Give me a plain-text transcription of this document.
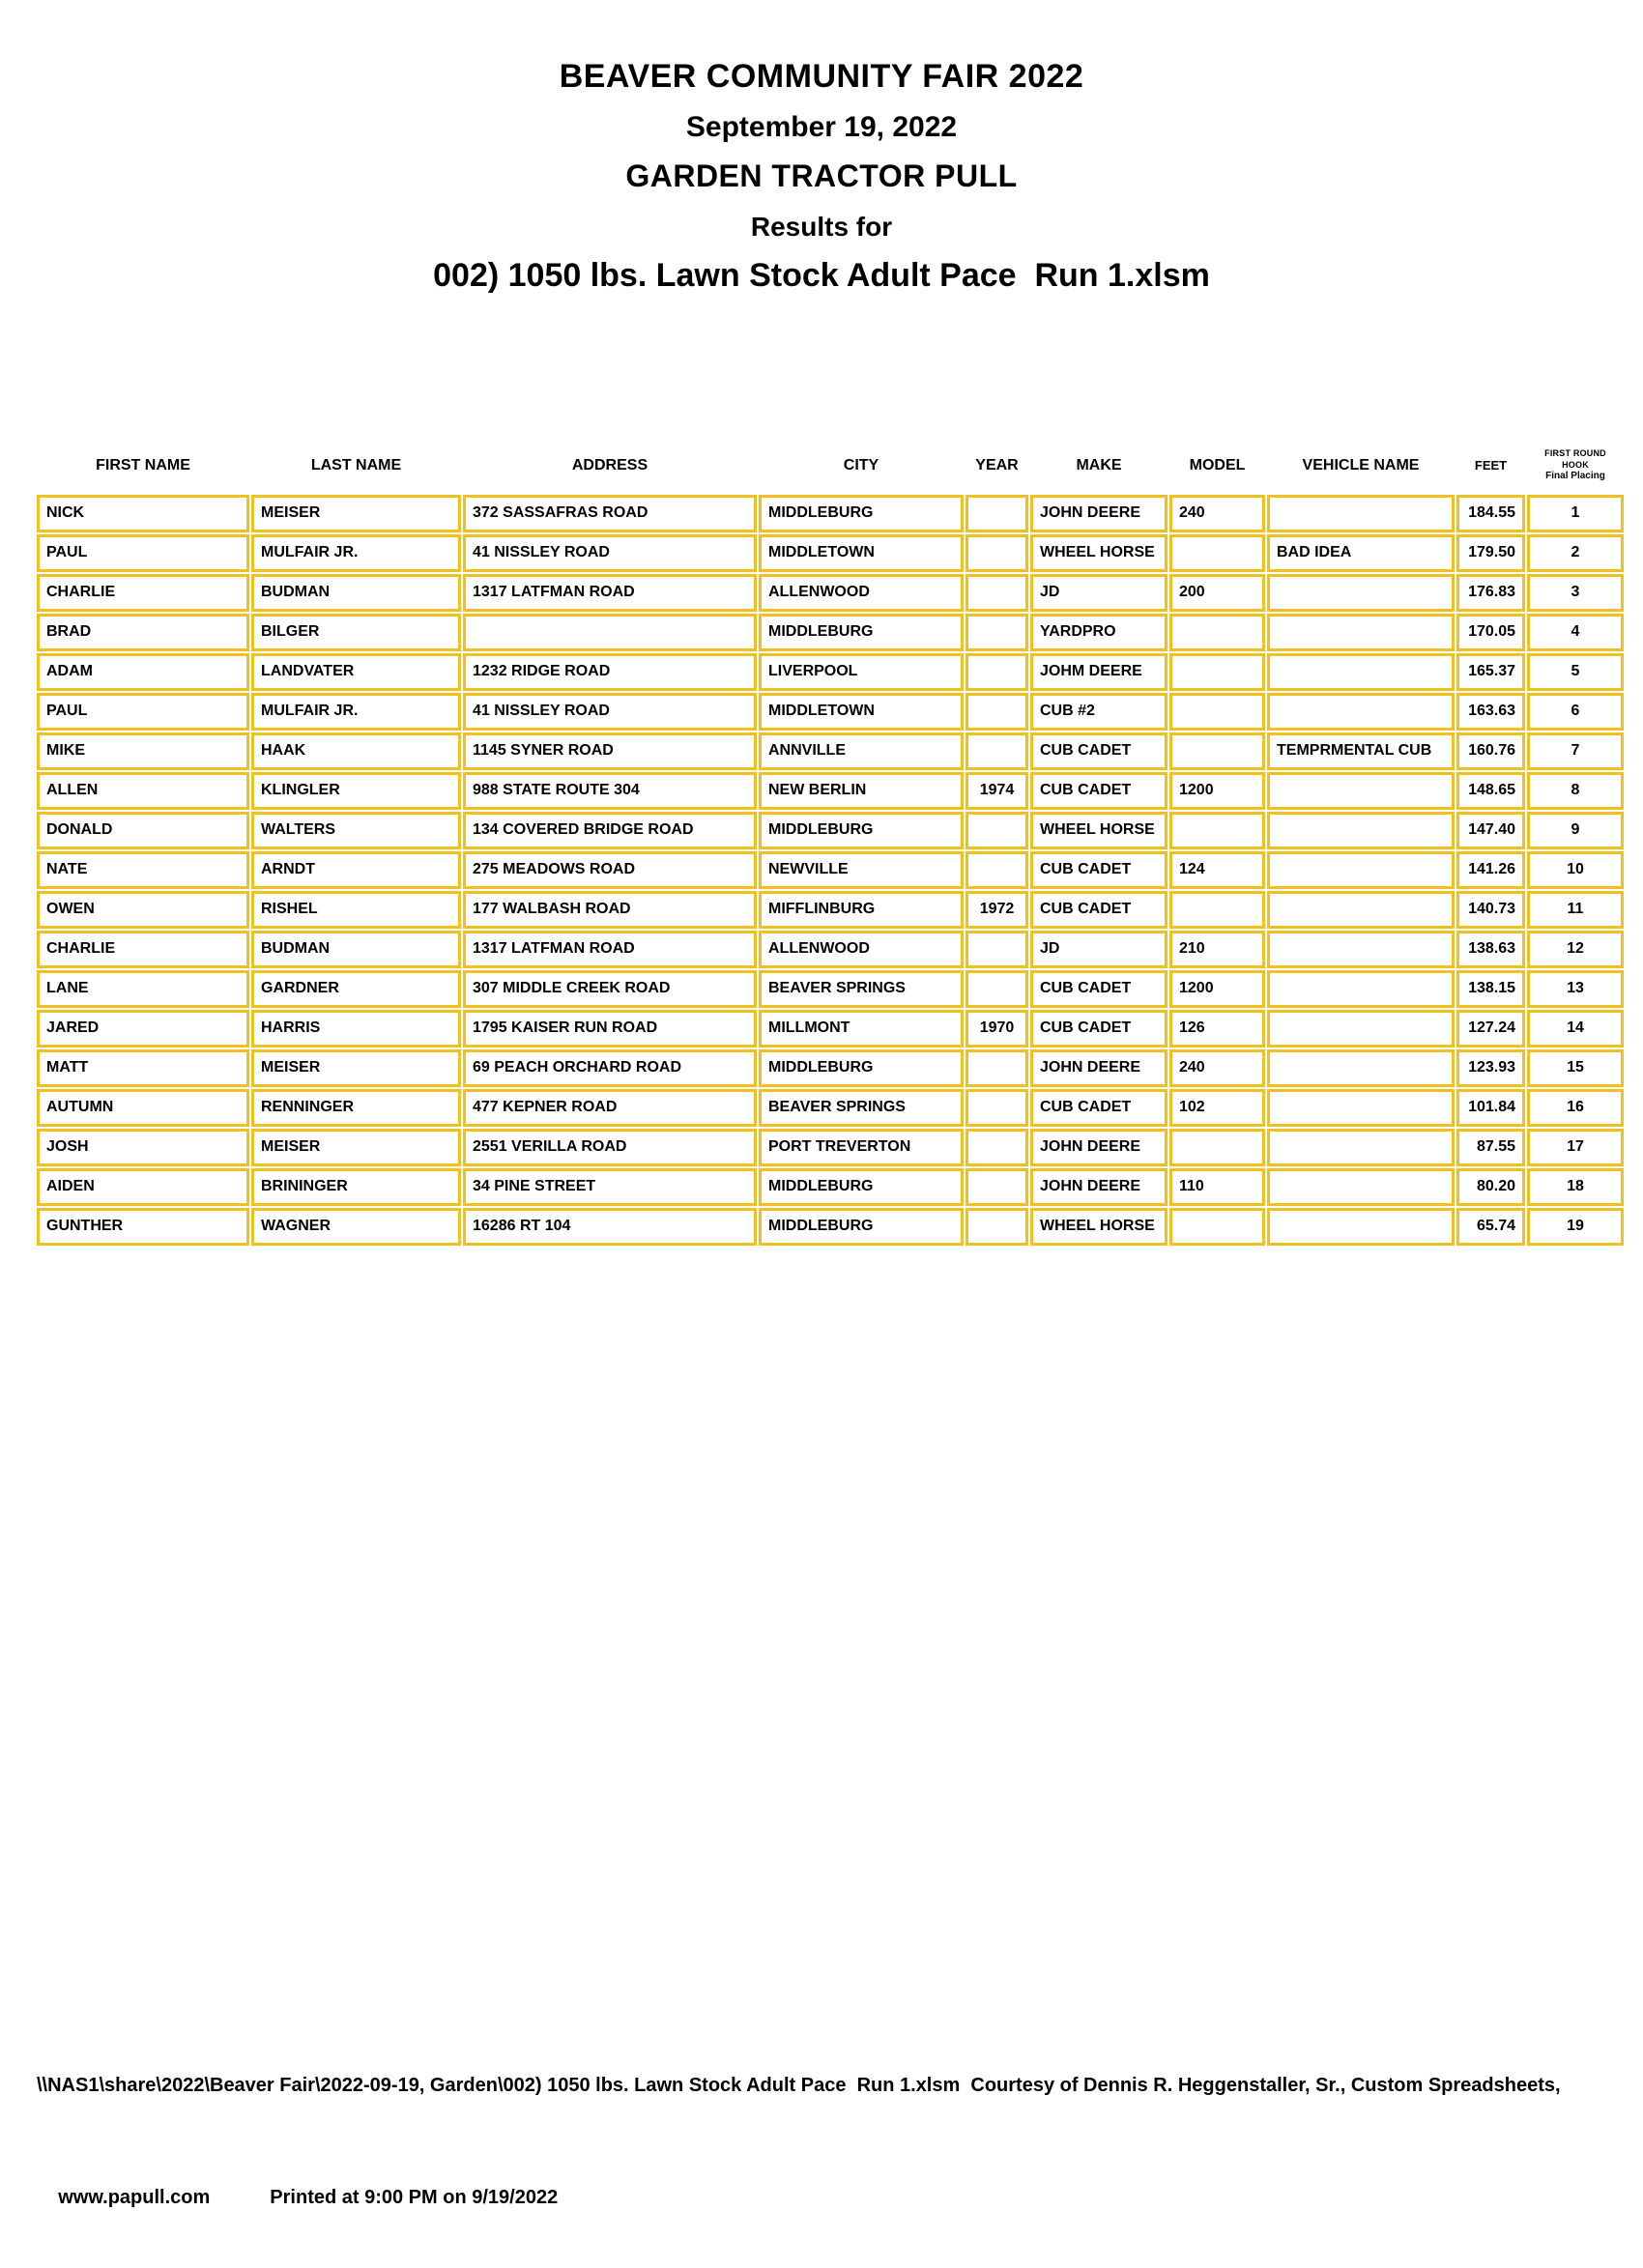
BEAVER COMMUNITY FAIR 2022
September 19, 2022
GARDEN TRACTOR PULL
Results for
002) 1050 lbs. Lawn Stock Adult Pace  Run 1.xlsm
FIRST NAME	LAST NAME	ADDRESS	CITY	YEAR	MAKE	MODEL	VEHICLE NAME	FEET	FIRST ROUND
HOOK
Final Placing

NICK	MEISER	372 SASSAFRAS ROAD	MIDDLEBURG		JOHN DEERE	240		184.55	1
PAUL	MULFAIR JR.	41 NISSLEY ROAD	MIDDLETOWN		WHEEL HORSE		BAD IDEA	179.50	2
CHARLIE	BUDMAN	1317 LATFMAN ROAD	ALLENWOOD		JD	200		176.83	3
BRAD	BILGER		MIDDLEBURG		YARDPRO			170.05	4
ADAM	LANDVATER	1232 RIDGE ROAD	LIVERPOOL		JOHM DEERE			165.37	5
PAUL	MULFAIR JR.	41 NISSLEY ROAD	MIDDLETOWN		CUB #2			163.63	6
MIKE	HAAK	1145 SYNER ROAD	ANNVILLE		CUB CADET		TEMPRMENTAL CUB	160.76	7
ALLEN	KLINGLER	988 STATE ROUTE 304	NEW BERLIN	1974	CUB CADET	1200		148.65	8
DONALD	WALTERS	134 COVERED BRIDGE ROAD	MIDDLEBURG		WHEEL HORSE			147.40	9
NATE	ARNDT	275 MEADOWS ROAD	NEWVILLE		CUB CADET	124		141.26	10
OWEN	RISHEL	177 WALBASH ROAD	MIFFLINBURG	1972	CUB CADET			140.73	11
CHARLIE	BUDMAN	1317 LATFMAN ROAD	ALLENWOOD		JD	210		138.63	12
LANE	GARDNER	307 MIDDLE CREEK ROAD	BEAVER SPRINGS		CUB CADET	1200		138.15	13
JARED	HARRIS	1795 KAISER RUN ROAD	MILLMONT	1970	CUB CADET	126		127.24	14
MATT	MEISER	69 PEACH ORCHARD ROAD	MIDDLEBURG		JOHN DEERE	240		123.93	15
AUTUMN	RENNINGER	477 KEPNER ROAD	BEAVER SPRINGS		CUB CADET	102		101.84	16
JOSH	MEISER	2551 VERILLA ROAD	PORT TREVERTON		JOHN DEERE			87.55	17
AIDEN	BRININGER	34 PINE STREET	MIDDLEBURG		JOHN DEERE	110		80.20	18
GUNTHER	WAGNER	16286 RT 104	MIDDLEBURG		WHEEL HORSE			65.74	19

\\NAS1\share\2022\Beaver Fair\2022-09-19, Garden\002) 1050 lbs. Lawn Stock Adult Pace  Run 1.xlsm  Courtesy of Dennis R. Heggenstaller, Sr., Custom Spreadsheets,

www.papull.com	Printed at 9:00 PM on 9/19/2022
